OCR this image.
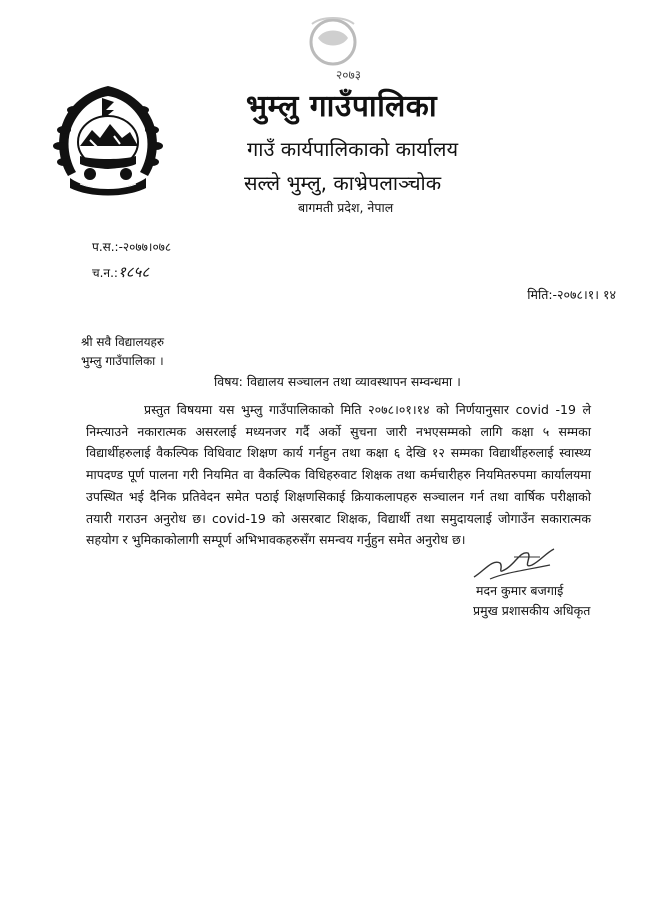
२०७३
भुम्लु गाउँपालिका
गाउँ कार्यपालिकाको कार्यालय
सल्ले भुम्लु, काभ्रेपलाञ्चोक
बागमती प्रदेश, नेपाल
प.स.:-२०७७।०७८
च.न.:१८५८
मिति:-२०७८।१। १४
श्री सवै विद्यालयहरु
भुम्लु गाउँपालिका ।
विषय: विद्यालय सञ्चालन तथा व्यावस्थापन सम्वन्धमा ।
प्रस्तुत विषयमा यस भुम्लु गाउँपालिकाको मिति २०७८।०१।१४ को निर्णयानुसार covid -19 ले निम्त्याउने नकारात्मक असरलाई मध्यनजर गर्दै अर्को सुचना जारी नभएसम्मको लागि कक्षा ५ सम्मका विद्यार्थीहरुलाई वैकल्पिक विधिवाट शिक्षण कार्य गर्नहुन तथा कक्षा ६ देखि १२ सम्मका विद्यार्थीहरुलाई स्वास्थ्य मापदण्ड पूर्ण पालना गरी नियमित वा वैकल्पिक विधिहरुवाट शिक्षक तथा कर्मचारीहरु नियमितरुपमा कार्यालयमा उपस्थित भई दैनिक प्रतिवेदन समेत पठाई शिक्षणसिकाई क्रियाकलापहरु सञ्चालन गर्न तथा वार्षिक परीक्षाको तयारी गराउन अनुरोध छ। covid-19 को असरबाट शिक्षक, विद्यार्थी तथा समुदायलाई जोगाउँन सकारात्मक सहयोग र भुमिकाकोलागी सम्पूर्ण अभिभावकहरुसँग समन्वय गर्नुहुन समेत अनुरोध छ।
मदन कुमार बजगाई
प्रमुख प्रशासकीय अधिकृत
